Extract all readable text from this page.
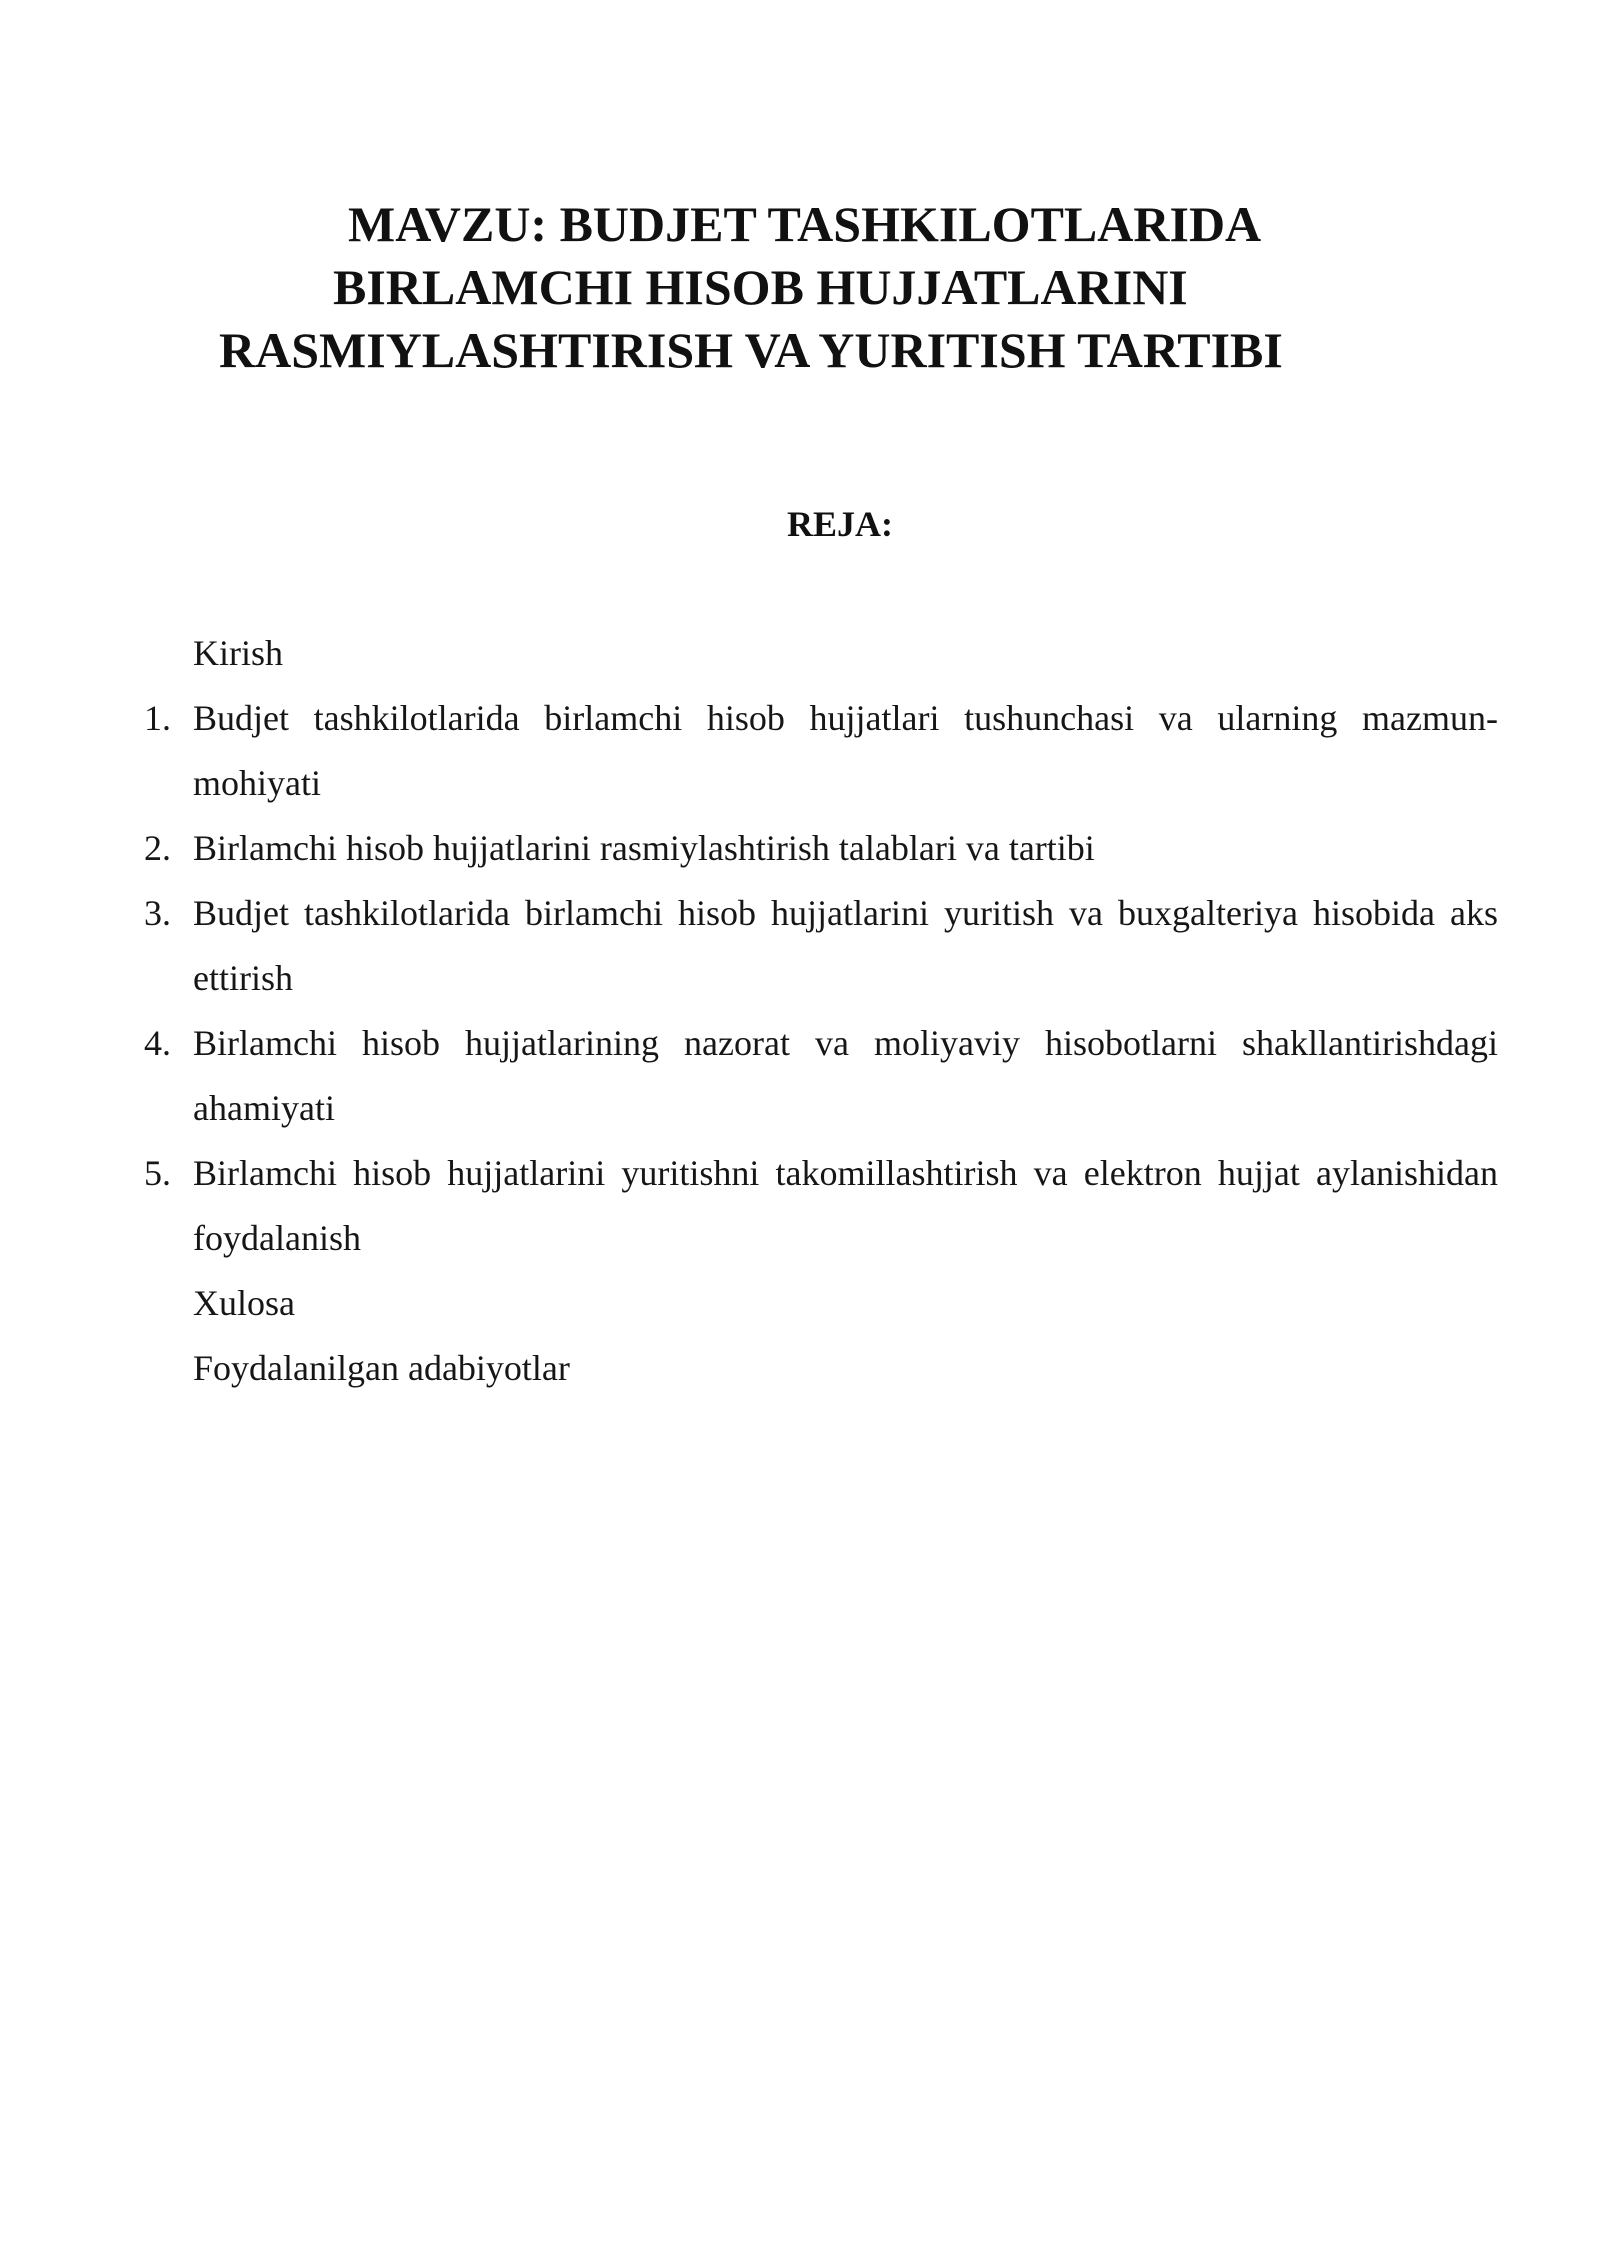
MAVZU: BUDJET TASHKILOTLARIDA
BIRLAMCHI HISOB HUJJATLARINI
RASMIYLASHTIRISH VA YURITISH TARTIBI
REJA:
Kirish
1. Budjet tashkilotlarida birlamchi hisob hujjatlari tushunchasi va ularning mazmun-
mohiyati
2. Birlamchi hisob hujjatlarini rasmiylashtirish talablari va tartibi
3. Budjet tashkilotlarida birlamchi hisob hujjatlarini yuritish va buxgalteriya hisobida aks
ettirish
4. Birlamchi hisob hujjatlarining nazorat va moliyaviy hisobotlarni shakllantirishdagi
ahamiyati
5. Birlamchi hisob hujjatlarini yuritishni takomillashtirish va elektron hujjat aylanishidan
foydalanish
Xulosa
Foydalanilgan adabiyotlar
